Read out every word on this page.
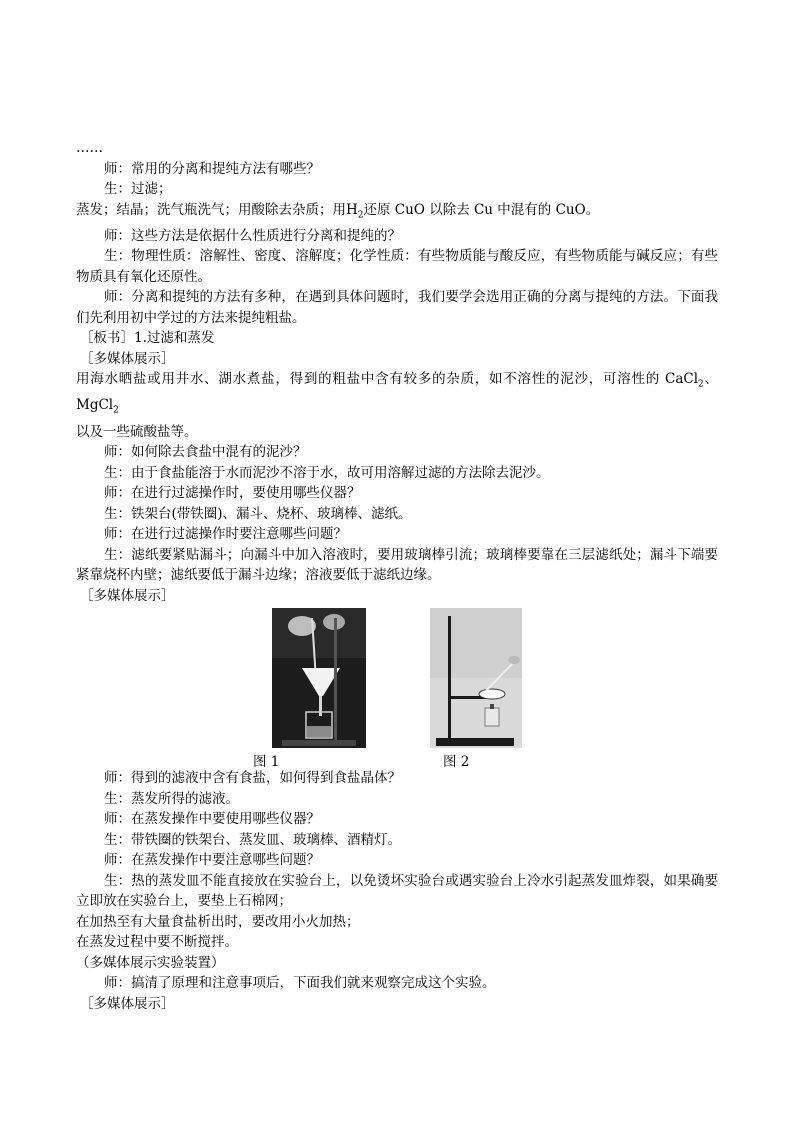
……
师：常用的分离和提纯方法有哪些？
生：过滤；
蒸发；结晶；洗气瓶洗气；用酸除去杂质；用$H_2$还原 CuO 以除去 Cu 中混有的 CuO。
师：这些方法是依据什么性质进行分离和提纯的？
生：物理性质：溶解性、密度、溶解度；化学性质：有些物质能与酸反应，有些物质能与碱反应；有些物质具有氧化还原性。
师：分离和提纯的方法有多种，在遇到具体问题时，我们要学会选用正确的分离与提纯的方法。下面我们先利用初中学过的方法来提纯粗盐。
［板书］1.过滤和蒸发
［多媒体展示］
用海水晒盐或用井水、湖水煮盐，得到的粗盐中含有较多的杂质，如不溶性的泥沙，可溶性的 CaCl$_2$、MgCl$_2$
以及一些硫酸盐等。
师：如何除去食盐中混有的泥沙？
生：由于食盐能溶于水而泥沙不溶于水，故可用溶解过滤的方法除去泥沙。
师：在进行过滤操作时，要使用哪些仪器？
生：铁架台(带铁圈)、漏斗、烧杯、玻璃棒、滤纸。
师：在进行过滤操作时要注意哪些问题？
生：滤纸要紧贴漏斗；向漏斗中加入溶液时，要用玻璃棒引流；玻璃棒要靠在三层滤纸处；漏斗下端要紧靠烧杯内壁；滤纸要低于漏斗边缘；溶液要低于滤纸边缘。
［多媒体展示］
图 1	图 2
师：得到的滤液中含有食盐，如何得到食盐晶体？
生：蒸发所得的滤液。
师：在蒸发操作中要使用哪些仪器？
生：带铁圈的铁架台、蒸发皿、玻璃棒、酒精灯。
师：在蒸发操作中要注意哪些问题？
生：热的蒸发皿不能直接放在实验台上，以免烫坏实验台或遇实验台上冷水引起蒸发皿炸裂，如果确要立即放在实验台上，要垫上石棉网；
在加热至有大量食盐析出时，要改用小火加热；
在蒸发过程中要不断搅拌。
（多媒体展示实验装置）
师：搞清了原理和注意事项后，下面我们就来观察完成这个实验。
［多媒体展示］
